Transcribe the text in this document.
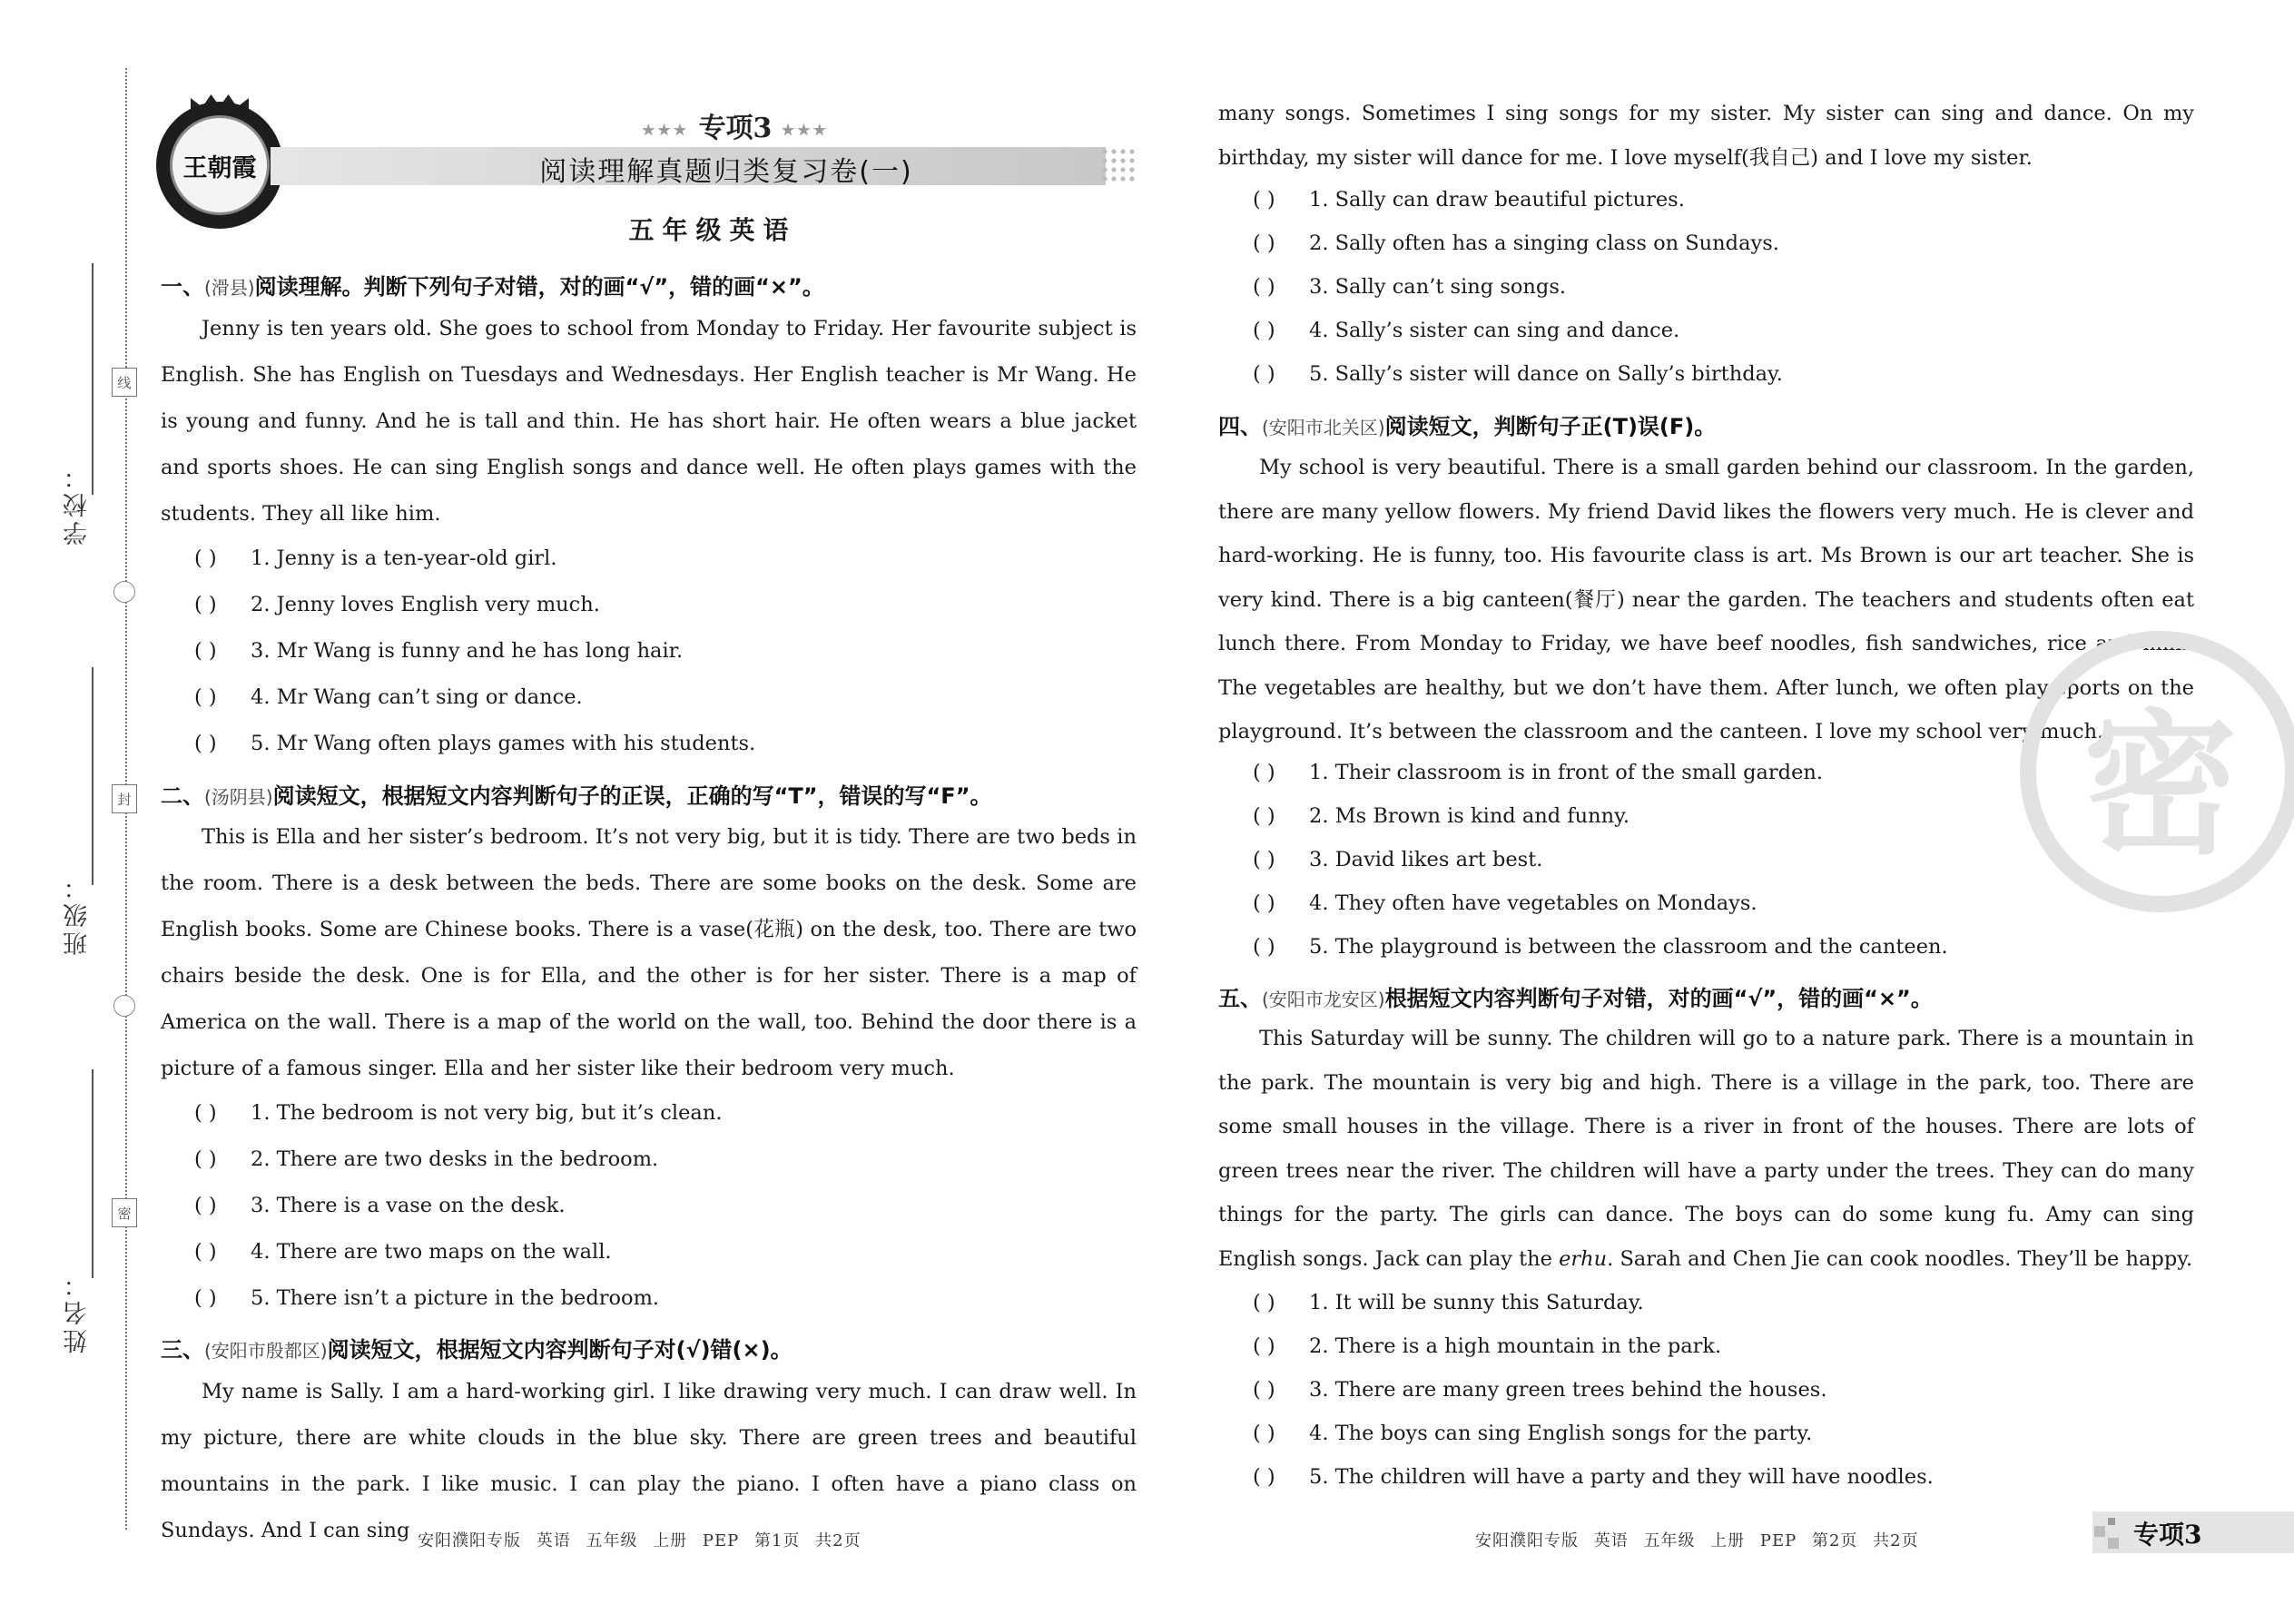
学校：
班级：
姓名：
线
封
密
王朝霞
★★★ 专项3 ★★★
阅读理解真题归类复习卷(一)
五年级英语
一、(滑县)阅读理解。判断下列句子对错，对的画“√”，错的画“×”。

Jenny is ten years old. She goes to school from Monday to Friday. Her favourite subject is English. She has English on Tuesdays and Wednesdays. Her English teacher is Mr Wang. He is young and funny. And he is tall and thin. He has short hair. He often wears a blue jacket and sports shoes. He can sing English songs and dance well. He often plays games with the students. They all like him.

( ) 1. Jenny is a ten-year-old girl.
( ) 2. Jenny loves English very much.
( ) 3. Mr Wang is funny and he has long hair.
( ) 4. Mr Wang can’t sing or dance.
( ) 5. Mr Wang often plays games with his students.
二、(汤阴县)阅读短文，根据短文内容判断句子的正误，正确的写“T”，错误的写“F”。

This is Ella and her sister’s bedroom. It’s not very big, but it is tidy. There are two beds in the room. There is a desk between the beds. There are some books on the desk. Some are English books. Some are Chinese books. There is a vase(花瓶) on the desk, too. There are two chairs beside the desk. One is for Ella, and the other is for her sister. There is a map of America on the wall. There is a map of the world on the wall, too. Behind the door there is a picture of a famous singer. Ella and her sister like their bedroom very much.

( ) 1. The bedroom is not very big, but it’s clean.
( ) 2. There are two desks in the bedroom.
( ) 3. There is a vase on the desk.
( ) 4. There are two maps on the wall.
( ) 5. There isn’t a picture in the bedroom.
三、(安阳市殷都区)阅读短文，根据短文内容判断句子对(√)错(×)。

My name is Sally. I am a hard-working girl. I like drawing very much. I can draw well. In my picture, there are white clouds in the blue sky. There are green trees and beautiful mountains in the park. I like music. I can play the piano. I often have a piano class on Sundays. And I can sing 安阳濮阳专版 英语 五年级 上册 PEP 第1页 共2页

many songs. Sometimes I sing songs for my sister. My sister can sing and dance. On my birthday, my sister will dance for me. I love myself(我自己) and I love my sister.

( ) 1. Sally can draw beautiful pictures.
( ) 2. Sally often has a singing class on Sundays.
( ) 3. Sally can’t sing songs.
( ) 4. Sally’s sister can sing and dance.
( ) 5. Sally’s sister will dance on Sally’s birthday.
四、(安阳市北关区)阅读短文，判断句子正(T)误(F)。

My school is very beautiful. There is a small garden behind our classroom. In the garden, there are many yellow flowers. My friend David likes the flowers very much. He is clever and hard-working. He is funny, too. His favourite class is art. Ms Brown is our art teacher. She is very kind. There is a big canteen(餐厅) near the garden. The teachers and students often eat lunch there. From Monday to Friday, we have beef noodles, fish sandwiches, rice and milk. The vegetables are healthy, but we don’t have them. After lunch, we often play sports on the playground. It’s between the classroom and the canteen. I love my school very much.

( ) 1. Their classroom is in front of the small garden.
( ) 2. Ms Brown is kind and funny.
( ) 3. David likes art best.
( ) 4. They often have vegetables on Mondays.
( ) 5. The playground is between the classroom and the canteen.
五、(安阳市龙安区)根据短文内容判断句子对错，对的画“√”，错的画“×”。

This Saturday will be sunny. The children will go to a nature park. There is a mountain in the park. The mountain is very big and high. There is a village in the park, too. There are some small houses in the village. There is a river in front of the houses. There are lots of green trees near the river. The children will have a party under the trees. They can do many things for the party. The girls can dance. The boys can do some kung fu. Amy can sing English songs. Jack can play the erhu. Sarah and Chen Jie can cook noodles. They’ll be happy.

( ) 1. It will be sunny this Saturday.
( ) 2. There is a high mountain in the park.
( ) 3. There are many green trees behind the houses.
( ) 4. The boys can sing English songs for the party.
( ) 5. The children will have a party and they will have noodles.
安阳濮阳专版 英语 五年级 上册 PEP 第2页 共2页
密
专项3
